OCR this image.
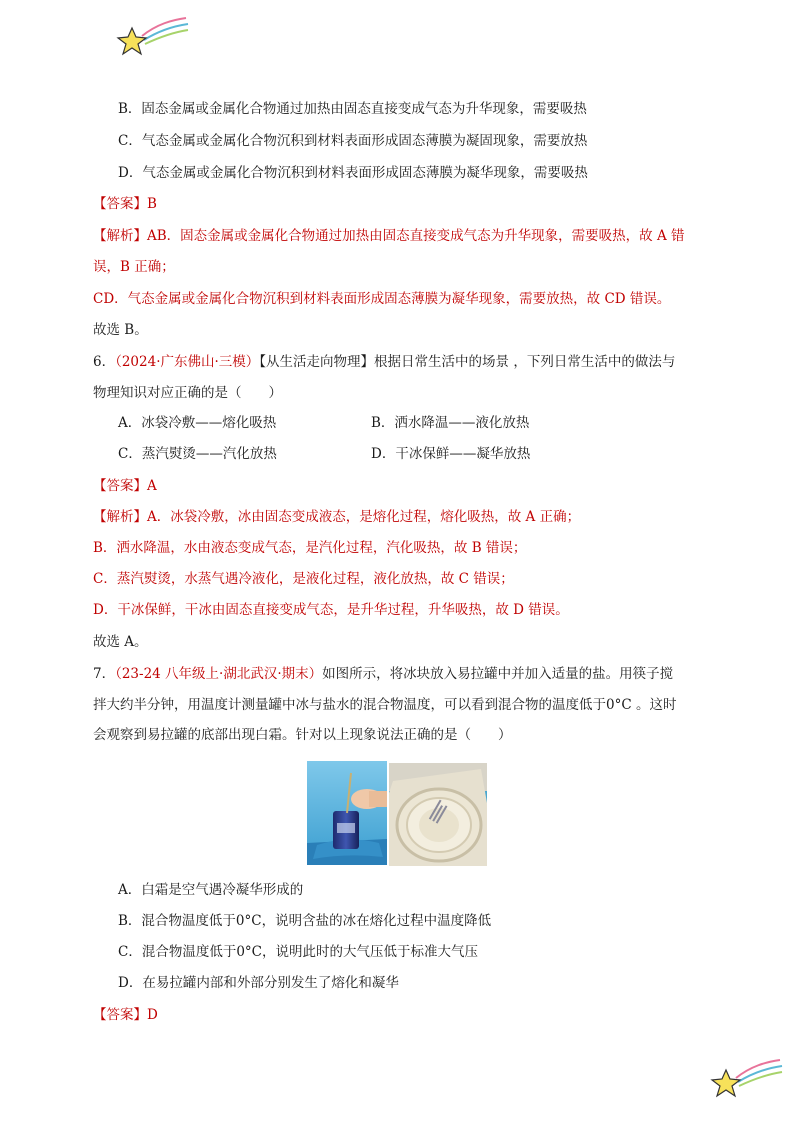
B．固态金属或金属化合物通过加热由固态直接变成气态为升华现象，需要吸热
C．气态金属或金属化合物沉积到材料表面形成固态薄膜为凝固现象，需要放热
D．气态金属或金属化合物沉积到材料表面形成固态薄膜为凝华现象，需要吸热
【答案】B
【解析】AB．固态金属或金属化合物通过加热由固态直接变成气态为升华现象，需要吸热，故 A 错
误，B 正确；
CD．气态金属或金属化合物沉积到材料表面形成固态薄膜为凝华现象，需要放热，故 CD 错误。
故选 B。
6．（2024·广东佛山·三模）【从生活走向物理】根据日常生活中的场景 ，下列日常生活中的做法与
物理知识对应正确的是（　　）
A．冰袋冷敷——熔化吸热	B．洒水降温——液化放热
C．蒸汽熨烫——汽化放热	D．干冰保鲜——凝华放热
【答案】A
【解析】A．冰袋冷敷，冰由固态变成液态，是熔化过程，熔化吸热，故 A 正确；
B．洒水降温，水由液态变成气态，是汽化过程，汽化吸热，故 B 错误；
C．蒸汽熨烫，水蒸气遇冷液化，是液化过程，液化放热，故 C 错误；
D．干冰保鲜，干冰由固态直接变成气态，是升华过程，升华吸热，故 D 错误。
故选 A。
7．（23-24 八年级上·湖北武汉·期末）如图所示，将冰块放入易拉罐中并加入适量的盐。用筷子搅
拌大约半分钟，用温度计测量罐中冰与盐水的混合物温度，可以看到混合物的温度低于0°C 。这时
会观察到易拉罐的底部出现白霜。针对以上现象说法正确的是（　　）
A．白霜是空气遇冷凝华形成的
B．混合物温度低于0°C，说明含盐的冰在熔化过程中温度降低
C．混合物温度低于0°C，说明此时的大气压低于标准大气压
D．在易拉罐内部和外部分别发生了熔化和凝华
【答案】D
